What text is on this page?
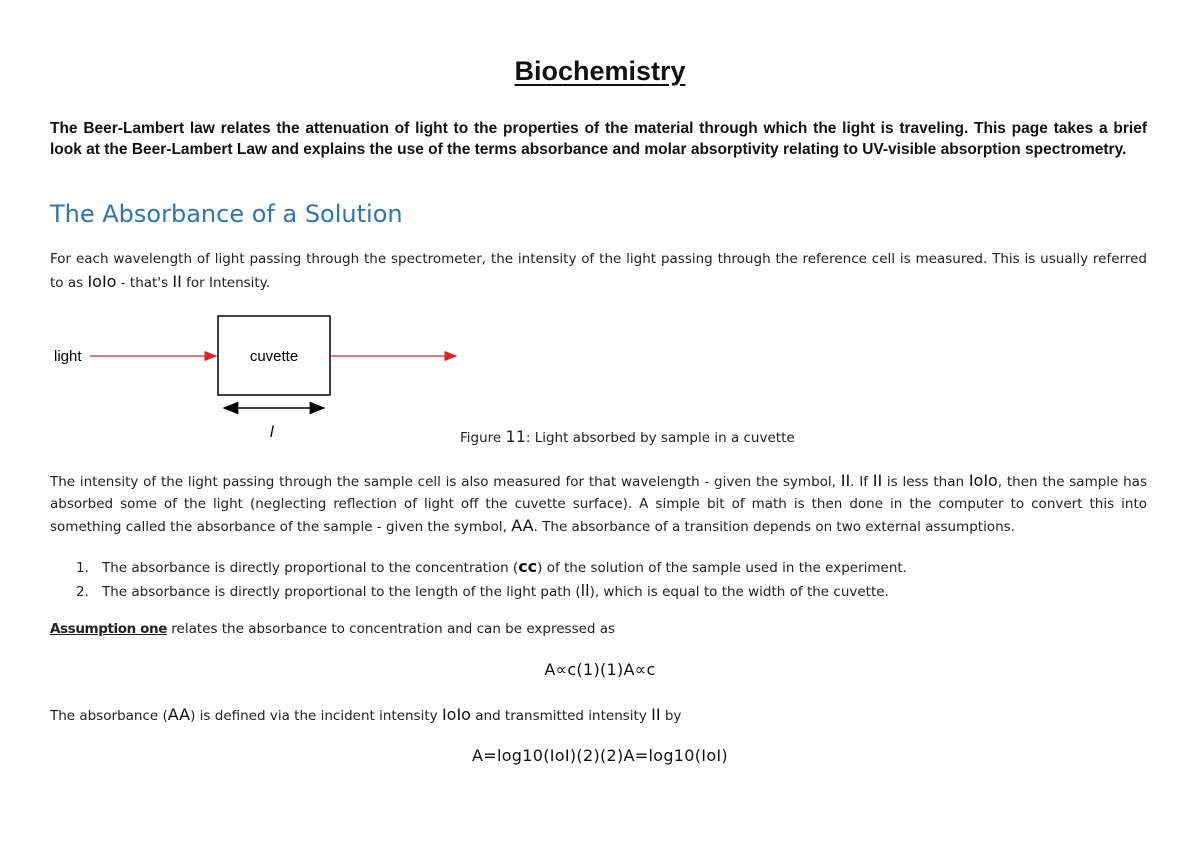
Biochemistry
The Beer-Lambert law relates the attenuation of light to the properties of the material through which the light is traveling. This page takes a brief look at the Beer-Lambert Law and explains the use of the terms absorbance and molar absorptivity relating to UV-visible absorption spectrometry.
The Absorbance of a Solution
For each wavelength of light passing through the spectrometer, the intensity of the light passing through the reference cell is measured. This is usually referred to as IoIo - that's II for Intensity.
light	cuvette
l	Figure 11: Light absorbed by sample in a cuvette
The intensity of the light passing through the sample cell is also measured for that wavelength - given the symbol, II. If II is less than IoIo, then the sample has absorbed some of the light (neglecting reflection of light off the cuvette surface). A simple bit of math is then done in the computer to convert this into something called the absorbance of the sample - given the symbol, AA. The absorbance of a transition depends on two external assumptions.
1. The absorbance is directly proportional to the concentration (cc) of the solution of the sample used in the experiment.
2. The absorbance is directly proportional to the length of the light path (ll), which is equal to the width of the cuvette.
Assumption one relates the absorbance to concentration and can be expressed as
A∝c(1)(1)A∝c
The absorbance (AA) is defined via the incident intensity IoIo and transmitted intensity II by
A=log10(IoI)(2)(2)A=log10(IoI)
